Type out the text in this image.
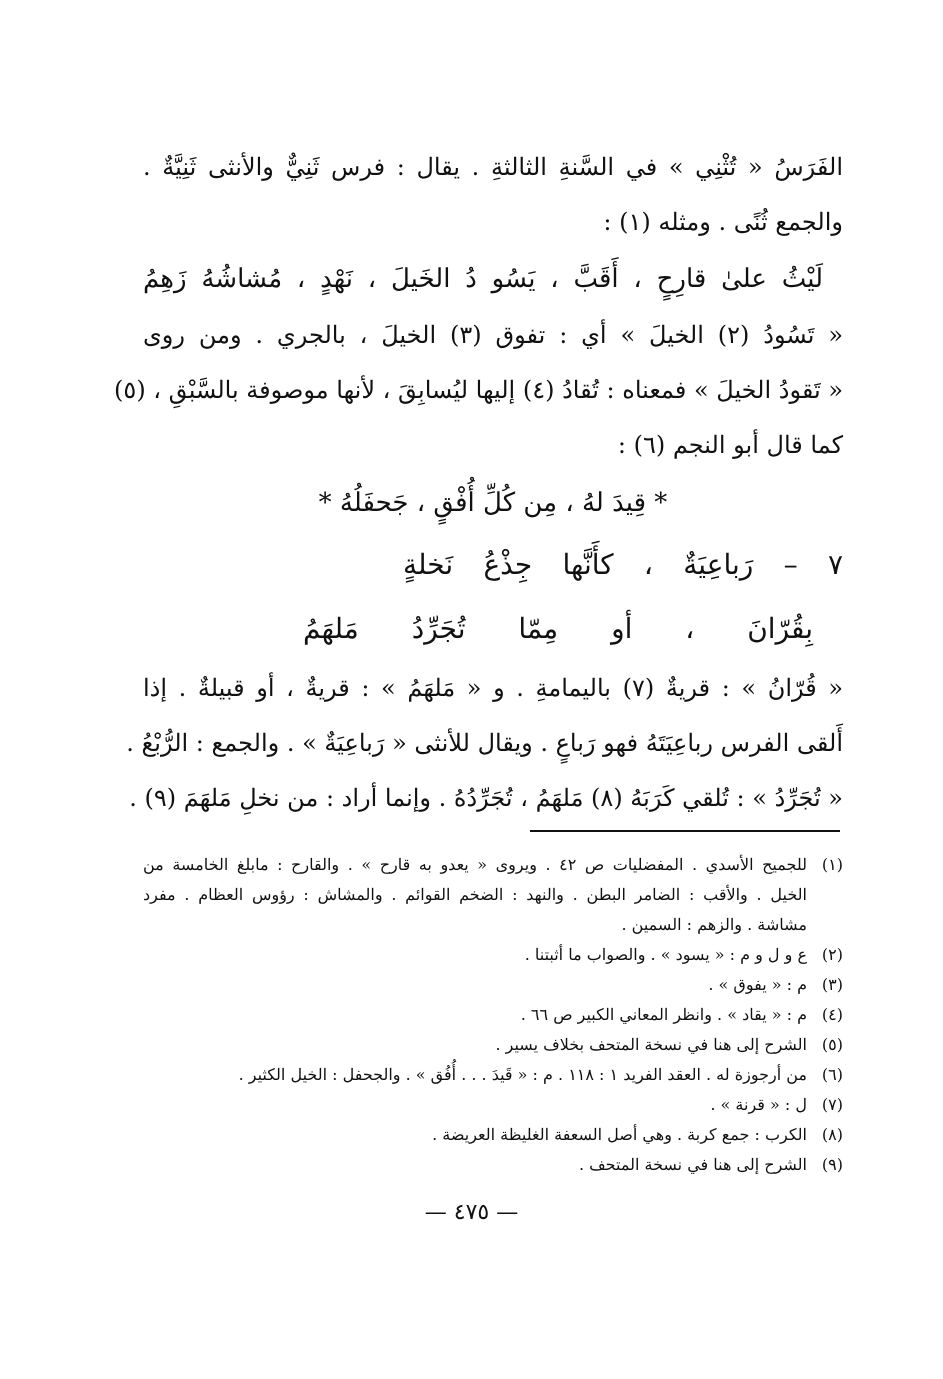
الفَرَسُ « تُثْنِي » في السَّنةِ الثالثةِ . يقال : فرس ثَنِيٌّ والأنثى ثَنِيَّةٌ .
والجمع ثُنًى . ومثله (١) :
لَيْثُ علىٰ قارِحٍ ، أَقَبَّ ، يَسُو دُ الخَيلَ ، نَهْدٍ ، مُشاشُهُ زَهِمُ
« تَسُودُ (٢) الخيلَ » أي : تفوق (٣) الخيلَ ، بالجري . ومن روى
« تَقودُ الخيلَ » فمعناه : تُقادُ (٤) إليها ليُسابِقَ ، لأنها موصوفة بالسَّبْقِ ، (٥)
كما قال أبو النجم (٦) :
* قِيدَ لهُ ، مِن كُلِّ أُفْقٍ ، جَحفَلُهُ *
٧ – رَباعِيَةٌ ، كأَنَّها جِذْعُ نَخلةٍ
بِقُرّانَ ، أو مِمّا تُجَرِّدُ مَلهَمُ
« قُرّانُ » : قريةٌ (٧) باليمامةِ . و « مَلهَمُ » : قريةٌ ، أو قبيلةٌ . إذا
أَلقى الفرس رباعِيَتَهُ فهو رَباعٍ . ويقال للأنثى « رَباعِيَةٌ » . والجمع : الرُّبْعُ .
« تُجَرِّدُ » : تُلقي كَرَبَهُ (٨) مَلهَمُ ، تُجَرِّدُهُ . وإنما أراد : من نخلِ مَلهَمَ (٩) .
(١)
للجميح الأسدي . المفضليات ص ٤٢ . ويروى « يعدو به قارح » . والقارح : مابلغ الخامسة من
الخيل . والأقب : الضامر البطن . والنهد : الضخم القوائم . والمشاش : رؤوس العظام . مفرد
مشاشة . والزهم : السمين .
(٢)
ع و ل و م : « يسود » . والصواب ما أثبتنا .
(٣)
م : « يفوق » .
(٤)
م : « يقاد » . وانظر المعاني الكبير ص ٦٦ .
(٥)
الشرح إلى هنا في نسخة المتحف بخلاف يسير .
(٦)
من أرجوزة له . العقد الفريد ١ : ١١٨ . م : « قَيدَ . . . أُفُق » . والجحفل : الخيل الكثير .
(٧)
ل : « قرنة » .
(٨)
الكرب : جمع كربة . وهي أصل السعفة الغليظة العريضة .
(٩)
الشرح إلى هنا في نسخة المتحف .
— ٤٧٥ —
